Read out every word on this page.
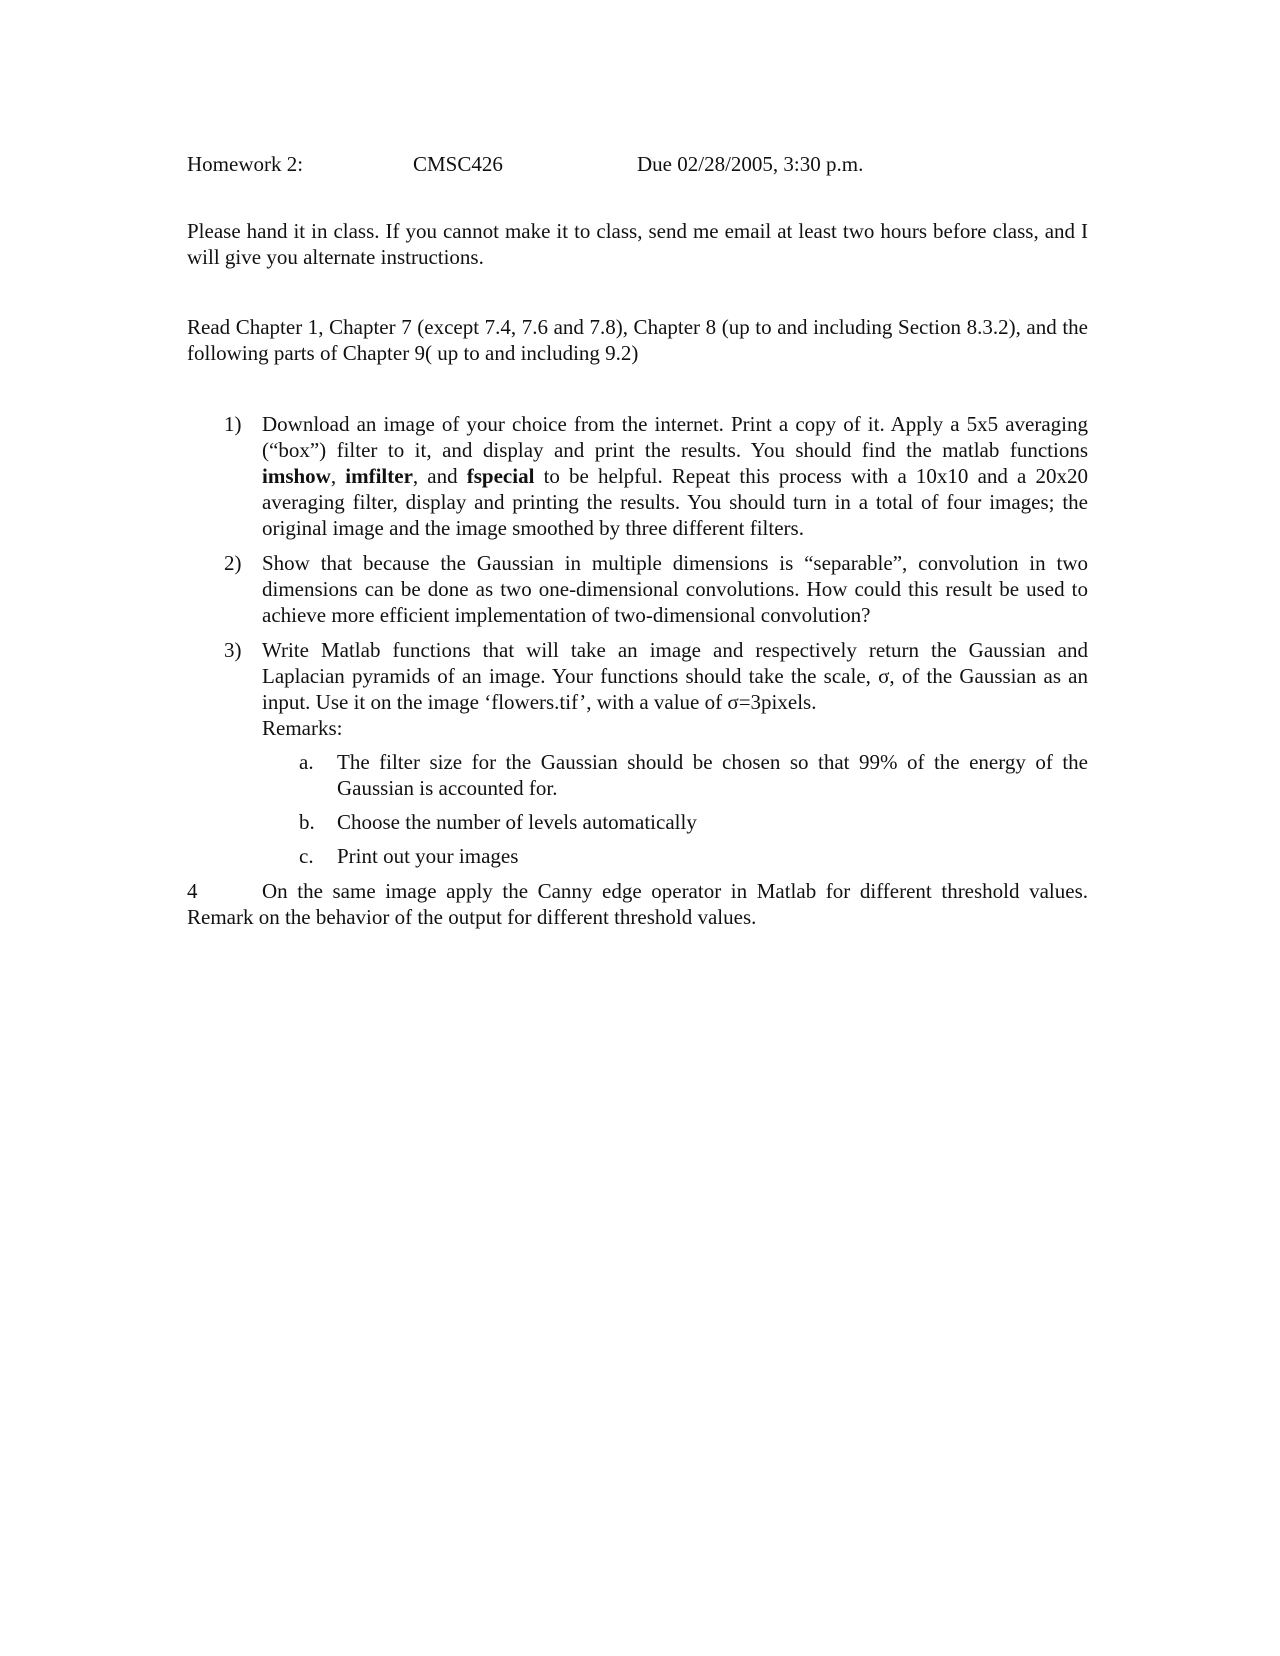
Homework 2:	CMSC426	Due 02/28/2005, 3:30 p.m.

Please hand it in class. If you cannot make it to class, send me email at least two hours before class, and I will give you alternate instructions.

Read Chapter 1, Chapter 7 (except 7.4, 7.6 and 7.8), Chapter 8 (up to and including Section 8.3.2), and the following parts of Chapter 9( up to and including 9.2)

1) Download an image of your choice from the internet. Print a copy of it. Apply a 5x5 averaging (“box”) filter to it, and display and print the results. You should find the matlab functions imshow, imfilter, and fspecial to be helpful. Repeat this process with a 10x10 and a 20x20 averaging filter, display and printing the results. You should turn in a total of four images; the original image and the image smoothed by three different filters.
2) Show that because the Gaussian in multiple dimensions is “separable”, convolution in two dimensions can be done as two one-dimensional convolutions. How could this result be used to achieve more efficient implementation of two-dimensional convolution?
3) Write Matlab functions that will take an image and respectively return the Gaussian and Laplacian pyramids of an image. Your functions should take the scale, σ, of the Gaussian as an input. Use it on the image ‘flowers.tif’, with a value of σ=3pixels.
Remarks:
a. The filter size for the Gaussian should be chosen so that 99% of the energy of the Gaussian is accounted for.
b. Choose the number of levels automatically
c. Print out your images
4	On the same image apply the Canny edge operator in Matlab for different threshold values. Remark on the behavior of the output for different threshold values.
